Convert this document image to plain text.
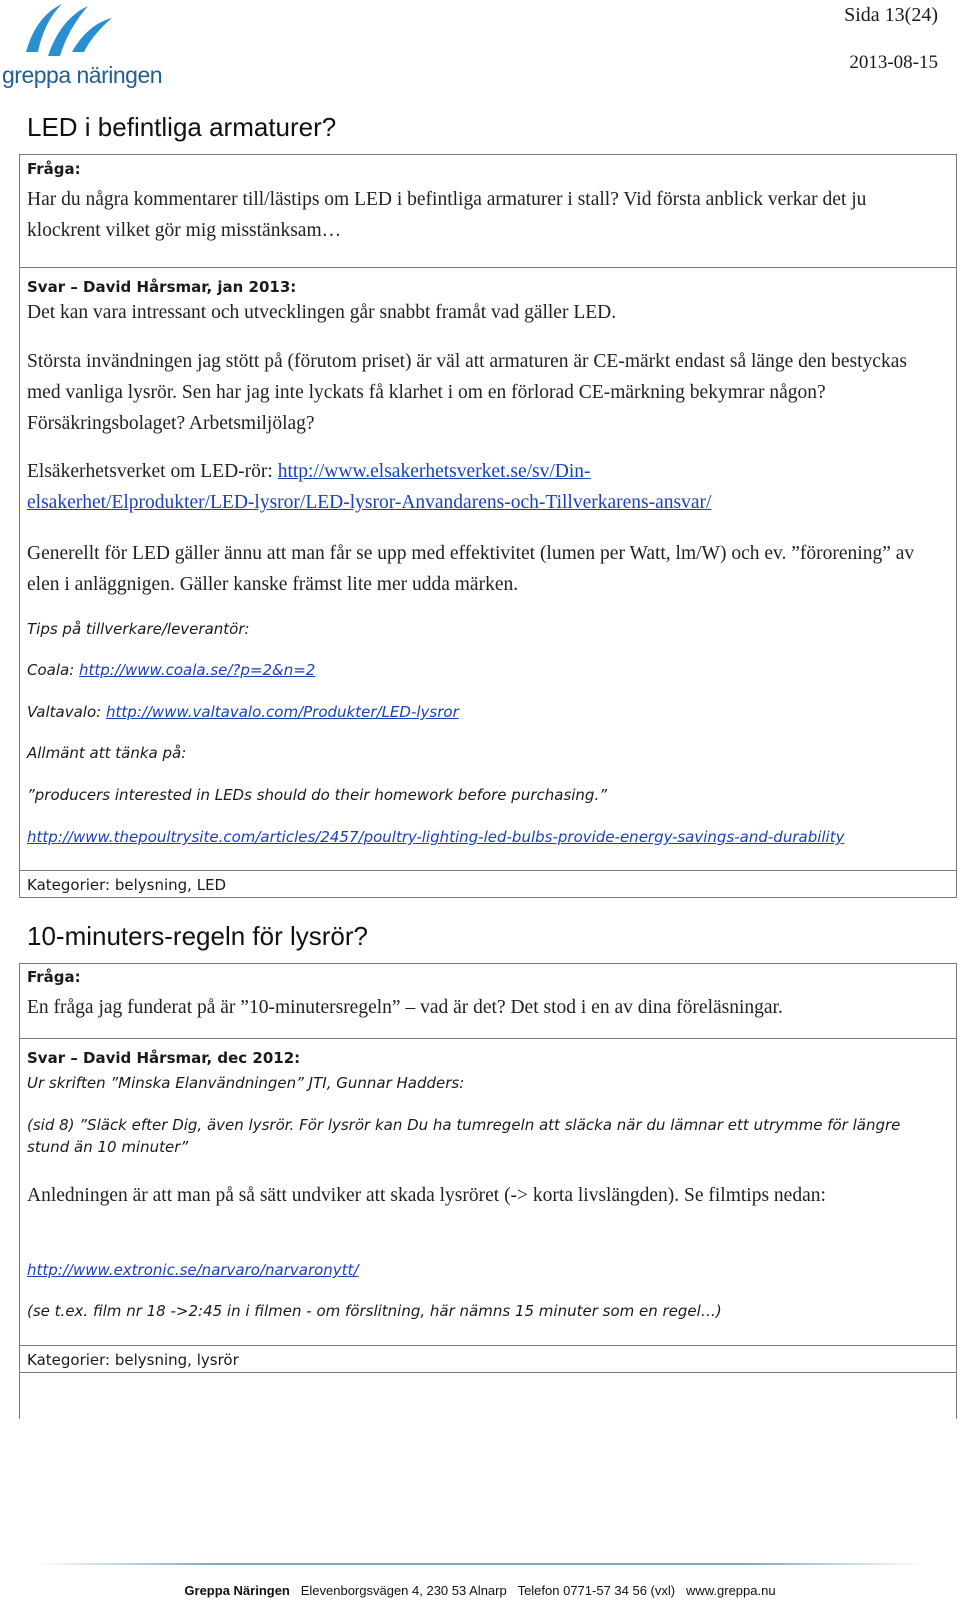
greppa näringen
Sida 13(24)
2013-08-15
LED i befintliga armaturer?
Fråga:
Har du några kommentarer till/lästips om LED i befintliga armaturer i stall? Vid första anblick verkar det ju klockrent vilket gör mig misstänksam…
Svar – David Hårsmar, jan 2013:
Det kan vara intressant och utvecklingen går snabbt framåt vad gäller LED.
Största invändningen jag stött på (förutom priset) är väl att armaturen är CE-märkt endast så länge den bestyckas med vanliga lysrör. Sen har jag inte lyckats få klarhet i om en förlorad CE-märkning bekymrar någon? Försäkringsbolaget? Arbetsmiljölag?
Elsäkerhetsverket om LED-rör: http://www.elsakerhetsverket.se/sv/Din-
elsakerhet/Elprodukter/LED-lysror/LED-lysror-Anvandarens-och-Tillverkarens-ansvar/
Generellt för LED gäller ännu att man får se upp med effektivitet (lumen per Watt, lm/W) och ev. ”förorening” av elen i anläggnigen. Gäller kanske främst lite mer udda märken.
Tips på tillverkare/leverantör:
Coala: http://www.coala.se/?p=2&n=2
Valtavalo: http://www.valtavalo.com/Produkter/LED-lysror
Allmänt att tänka på:
”producers interested in LEDs should do their homework before purchasing.”
http://www.thepoultrysite.com/articles/2457/poultry-lighting-led-bulbs-provide-energy-savings-and-durability
Kategorier: belysning, LED
10-minuters-regeln för lysrör?
Fråga:
En fråga jag funderat på är ”10-minutersregeln” – vad är det? Det stod i en av dina föreläsningar.
Svar – David Hårsmar, dec 2012:
Ur skriften ”Minska Elanvändningen” JTI, Gunnar Hadders:
(sid 8) ”Släck efter Dig, även lysrör. För lysrör kan Du ha tumregeln att släcka när du lämnar ett utrymme för längre stund än 10 minuter”
Anledningen är att man på så sätt undviker att skada lysröret (-> korta livslängden). Se filmtips nedan:
http://www.extronic.se/narvaro/narvaronytt/
(se t.ex. film nr 18 ->2:45 in i filmen - om förslitning, här nämns 15 minuter som en regel…)
Kategorier: belysning, lysrör
Greppa Näringen Elevenborgsvägen 4, 230 53 Alnarp Telefon 0771-57 34 56 (vxl) www.greppa.nu
